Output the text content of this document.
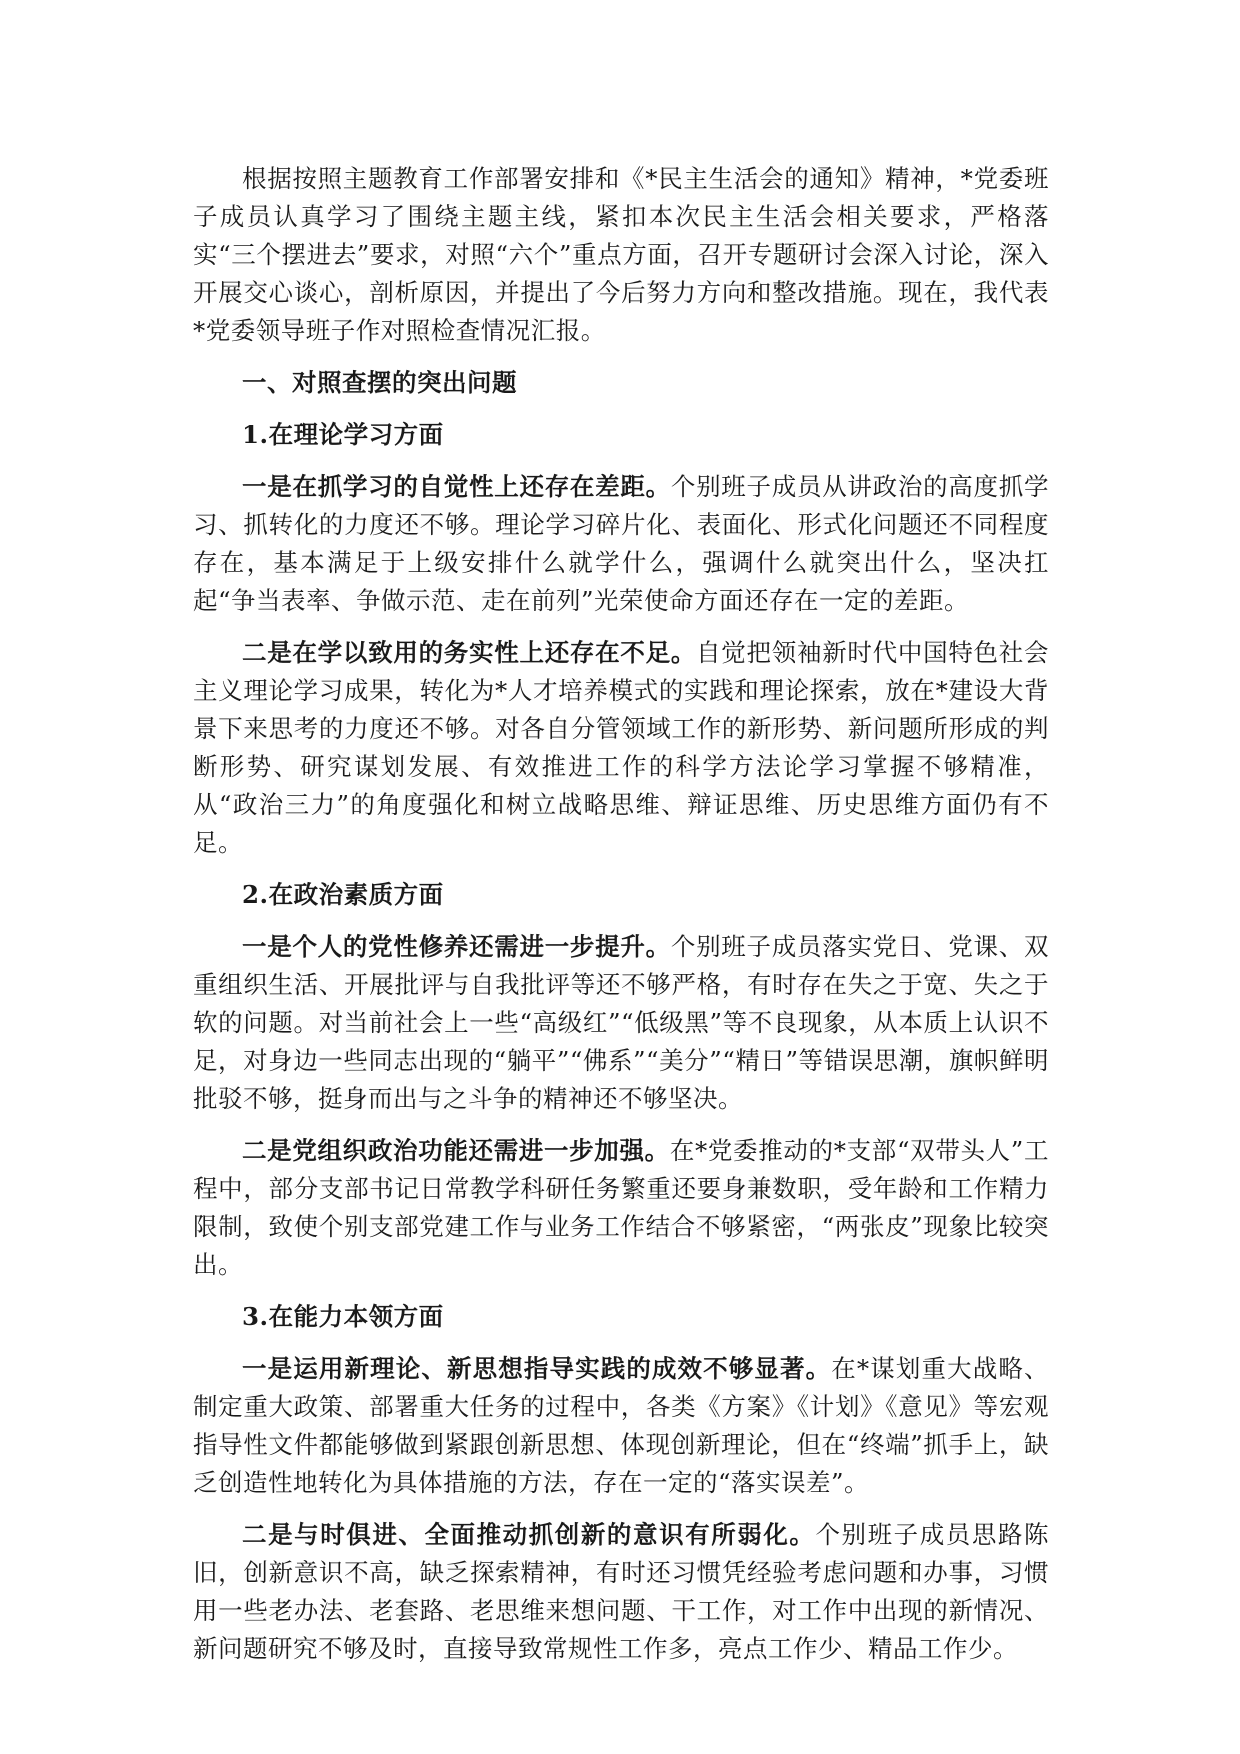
根据按照主题教育工作部署安排和《*民主生活会的通知》精神，*党委班子成员认真学习了围绕主题主线，紧扣本次民主生活会相关要求，严格落实“三个摆进去”要求，对照“六个”重点方面，召开专题研讨会深入讨论，深入开展交心谈心，剖析原因，并提出了今后努力方向和整改措施。现在，我代表*党委领导班子作对照检查情况汇报。

一、对照查摆的突出问题

1.在理论学习方面

一是在抓学习的自觉性上还存在差距。个别班子成员从讲政治的高度抓学习、抓转化的力度还不够。理论学习碎片化、表面化、形式化问题还不同程度存在，基本满足于上级安排什么就学什么，强调什么就突出什么，坚决扛起“争当表率、争做示范、走在前列”光荣使命方面还存在一定的差距。

二是在学以致用的务实性上还存在不足。自觉把领袖新时代中国特色社会主义理论学习成果，转化为*人才培养模式的实践和理论探索，放在*建设大背景下来思考的力度还不够。对各自分管领域工作的新形势、新问题所形成的判断形势、研究谋划发展、有效推进工作的科学方法论学习掌握不够精准，从“政治三力”的角度强化和树立战略思维、辩证思维、历史思维方面仍有不足。

2.在政治素质方面

一是个人的党性修养还需进一步提升。个别班子成员落实党日、党课、双重组织生活、开展批评与自我批评等还不够严格，有时存在失之于宽、失之于软的问题。对当前社会上一些“高级红”“低级黑”等不良现象，从本质上认识不足，对身边一些同志出现的“躺平”“佛系”“美分”“精日”等错误思潮，旗帜鲜明批驳不够，挺身而出与之斗争的精神还不够坚决。

二是党组织政治功能还需进一步加强。在*党委推动的*支部“双带头人”工程中，部分支部书记日常教学科研任务繁重还要身兼数职，受年龄和工作精力限制，致使个别支部党建工作与业务工作结合不够紧密，“两张皮”现象比较突出。

3.在能力本领方面

一是运用新理论、新思想指导实践的成效不够显著。在*谋划重大战略、制定重大政策、部署重大任务的过程中，各类《方案》《计划》《意见》等宏观指导性文件都能够做到紧跟创新思想、体现创新理论，但在“终端”抓手上，缺乏创造性地转化为具体措施的方法，存在一定的“落实误差”。

二是与时俱进、全面推动抓创新的意识有所弱化。个别班子成员思路陈旧，创新意识不高，缺乏探索精神，有时还习惯凭经验考虑问题和办事，习惯用一些老办法、老套路、老思维来想问题、干工作，对工作中出现的新情况、新问题研究不够及时，直接导致常规性工作多，亮点工作少、精品工作少。
